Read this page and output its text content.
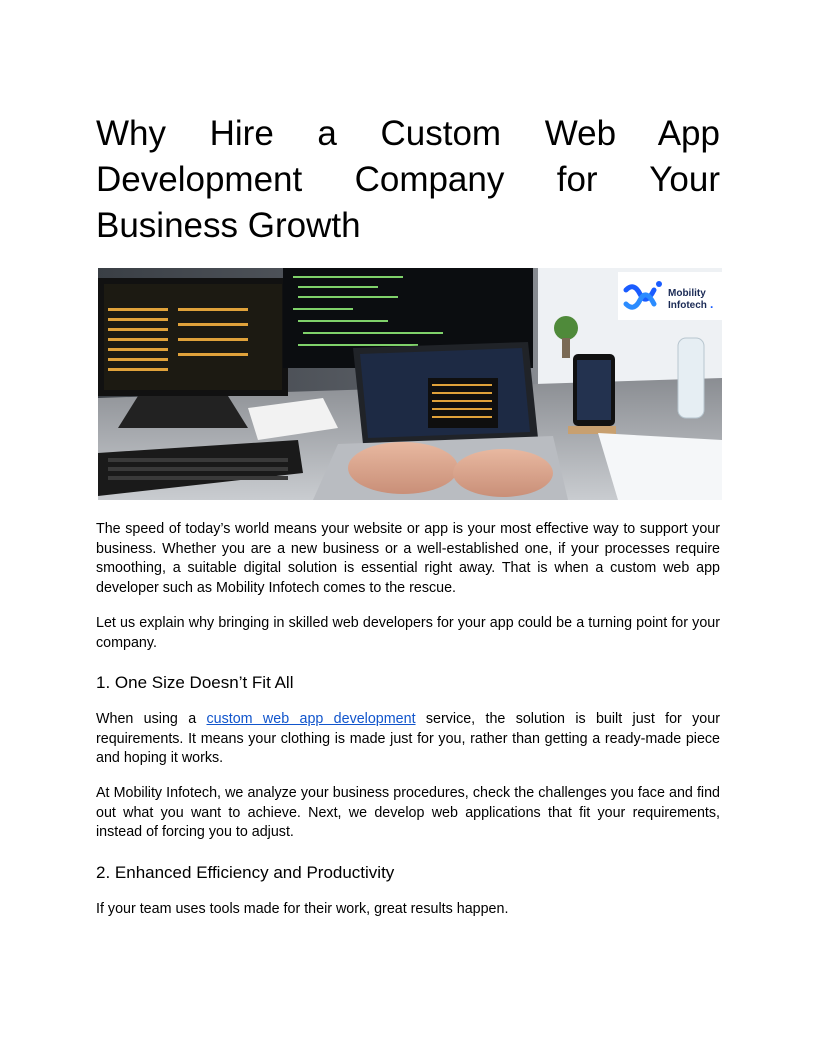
Why Hire a Custom Web App Development Company for Your Business Growth
Mobility
Infotech .

The speed of today’s world means your website or app is your most effective way to support your business. Whether you are a new business or a well-established one, if your processes require smoothing, a suitable digital solution is essential right away. That is when a custom web app developer such as Mobility Infotech comes to the rescue.

Let us explain why bringing in skilled web developers for your app could be a turning point for your company.

1. One Size Doesn’t Fit All

When using a custom web app development service, the solution is built just for your requirements. It means your clothing is made just for you, rather than getting a ready-made piece and hoping it works.

At Mobility Infotech, we analyze your business procedures, check the challenges you face and find out what you want to achieve. Next, we develop web applications that fit your requirements, instead of forcing you to adjust.

2. Enhanced Efficiency and Productivity

If your team uses tools made for their work, great results happen.
